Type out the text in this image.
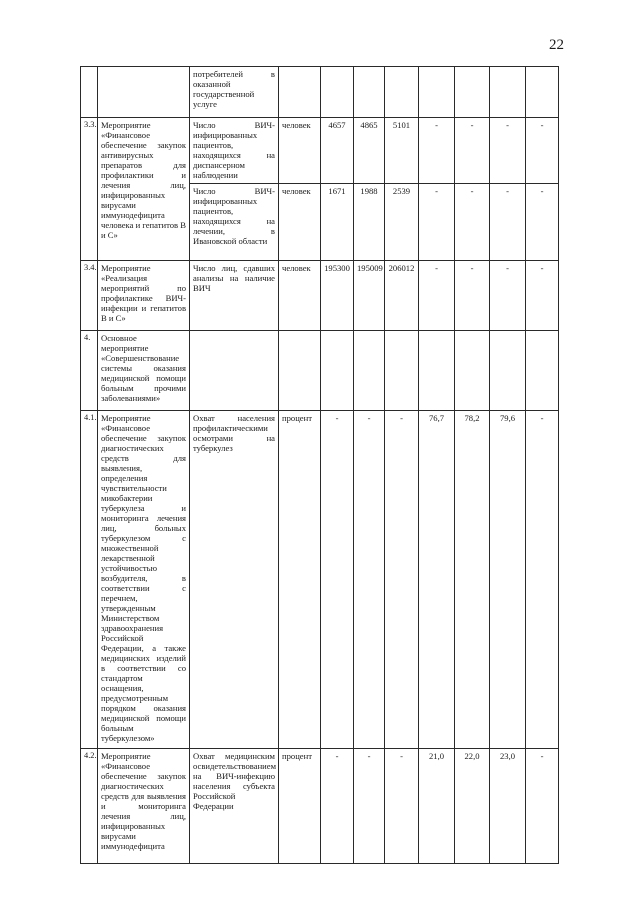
22
		потребителей в оказанной государственной услуге								
3.3.	Мероприятие «Финансовое обеспечение закупок антивирусных препаратов для профилактики и лечения лиц, инфицированных вирусами иммунодефицита человека и гепатитов В и С»	Число ВИЧ-инфицированных пациентов, находящихся на диспансерном наблюдении	человек	4657	4865	5101	-	-	-	-
		Число ВИЧ-инфицированных пациентов, находящихся на лечении, в Ивановской области	человек	1671	1988	2539	-	-	-	-
3.4.	Мероприятие «Реализация мероприятий по профилактике ВИЧ-инфекции и гепатитов В и С»	Число лиц, сдавших анализы на наличие ВИЧ	человек	195300	195009	206012	-	-	-	-
4.	Основное мероприятие «Совершенствование системы оказания медицинской помощи больным прочими заболеваниями»									
4.1.	Мероприятие «Финансовое обеспечение закупок диагностических средств для выявления, определения чувствительности микобактерии туберкулеза и мониторинга лечения лиц, больных туберкулезом с множественной лекарственной устойчивостью возбудителя, в соответствии с перечнем, утвержденным Министерством здравоохранения Российской Федерации, а также медицинских изделий в соответствии со стандартом оснащения, предусмотренным порядком оказания медицинской помощи больным туберкулезом»	Охват населения профилактическими осмотрами на туберкулез	процент	-	-	-	76,7	78,2	79,6	-
4.2.	Мероприятие «Финансовое обеспечение закупок диагностических средств для выявления и мониторинга лечения лиц, инфицированных вирусами иммунодефицита	Охват медицинским освидетельствованием на ВИЧ-инфекцию населения субъекта Российской Федерации	процент	-	-	-	21,0	22,0	23,0	-
